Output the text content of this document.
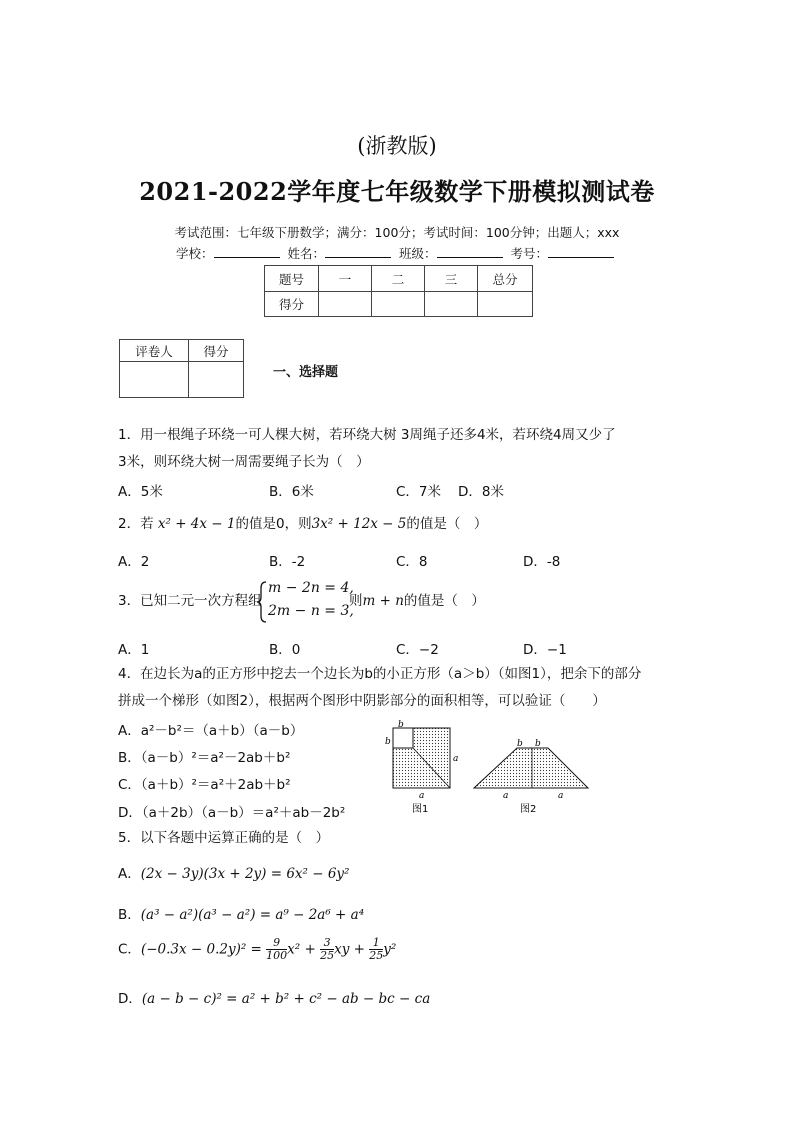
(浙教版)
2021-2022学年度七年级数学下册模拟测试卷
考试范围：七年级下册数学；满分：100分；考试时间：100分钟；出题人；xxx
学校：	姓名：	班级：	考号：
题号	一	二	三	总分
得分				
评卷人	得分

一、选择题
1．用一根绳子环绕一可人棵大树，若环绕大树 3周绳子还多4米，若环绕4周又少了
3米，则环绕大树一周需要绳子长为（　）
A．5米	B．6米	C．7米 D．8米
2．若 x² + 4x − 1的值是0，则3x² + 12x − 5的值是（　）
A．2	B．-2	C．8	D．-8
3．已知二元一次方程组
m − 2n = 4,
2m − n = 3,
则m + n的值是（　）
A．1	B．0	C．−2	D．−1
4．在边长为a的正方形中挖去一个边长为b的小正方形（a＞b）（如图1），把余下的部分
拼成一个梯形（如图2），根据两个图形中阴影部分的面积相等，可以验证（　　）
A．a²－b²＝（a＋b）（a－b）
B．（a－b）²＝a²－2ab＋b²
C．（a＋b）²＝a²＋2ab＋b²
D．（a＋2b）（a－b）＝a²＋ab－2b²
b
b
a
a
图1
b b
a	a
图2
5．以下各题中运算正确的是（　）
A．(2x − 3y)(3x + 2y) = 6x² − 6y²
B．(a³ − a²)(a³ − a²) = a⁹ − 2a⁶ + a⁴
C．$(-0.3x - 0.2y)^2 = \frac{9}{100} x^2 + \frac{3}{25}$ xy + $\frac{1}{25} y^2$
D．(a − b − c)² = a² + b² + c² − ab − bc − ca
